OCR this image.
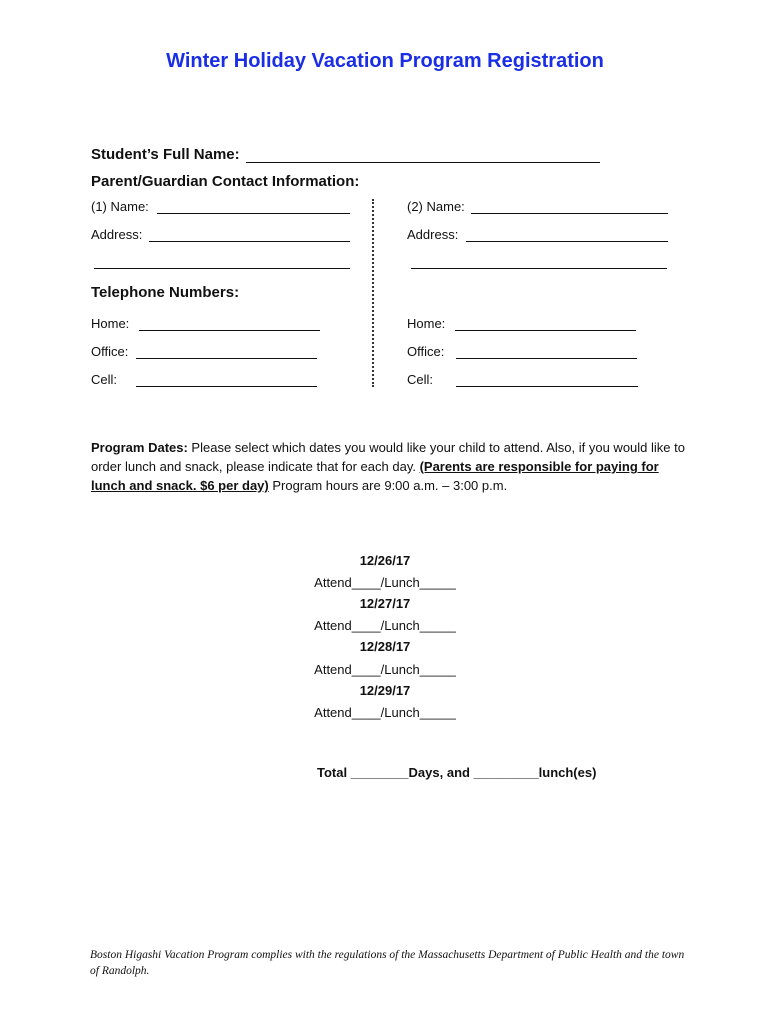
Winter Holiday Vacation Program Registration
Student’s Full Name:
Parent/Guardian Contact Information:
(1) Name:
Address:
(2) Name:
Address:
Telephone Numbers:
Home:
Office:
Cell:
Home:
Office:
Cell:
Program Dates: Please select which dates you would like your child to attend. Also, if you would like to order lunch and snack, please indicate that for each day. (Parents are responsible for paying for lunch and snack. $6 per day) Program hours are 9:00 a.m. – 3:00 p.m.
12/26/17
Attend____/Lunch_____
12/27/17
Attend____/Lunch_____
12/28/17
Attend____/Lunch_____
12/29/17
Attend____/Lunch_____
Total ________Days, and _________lunch(es)
Boston Higashi Vacation Program complies with the regulations of the Massachusetts Department of Public Health and the town of Randolph.
